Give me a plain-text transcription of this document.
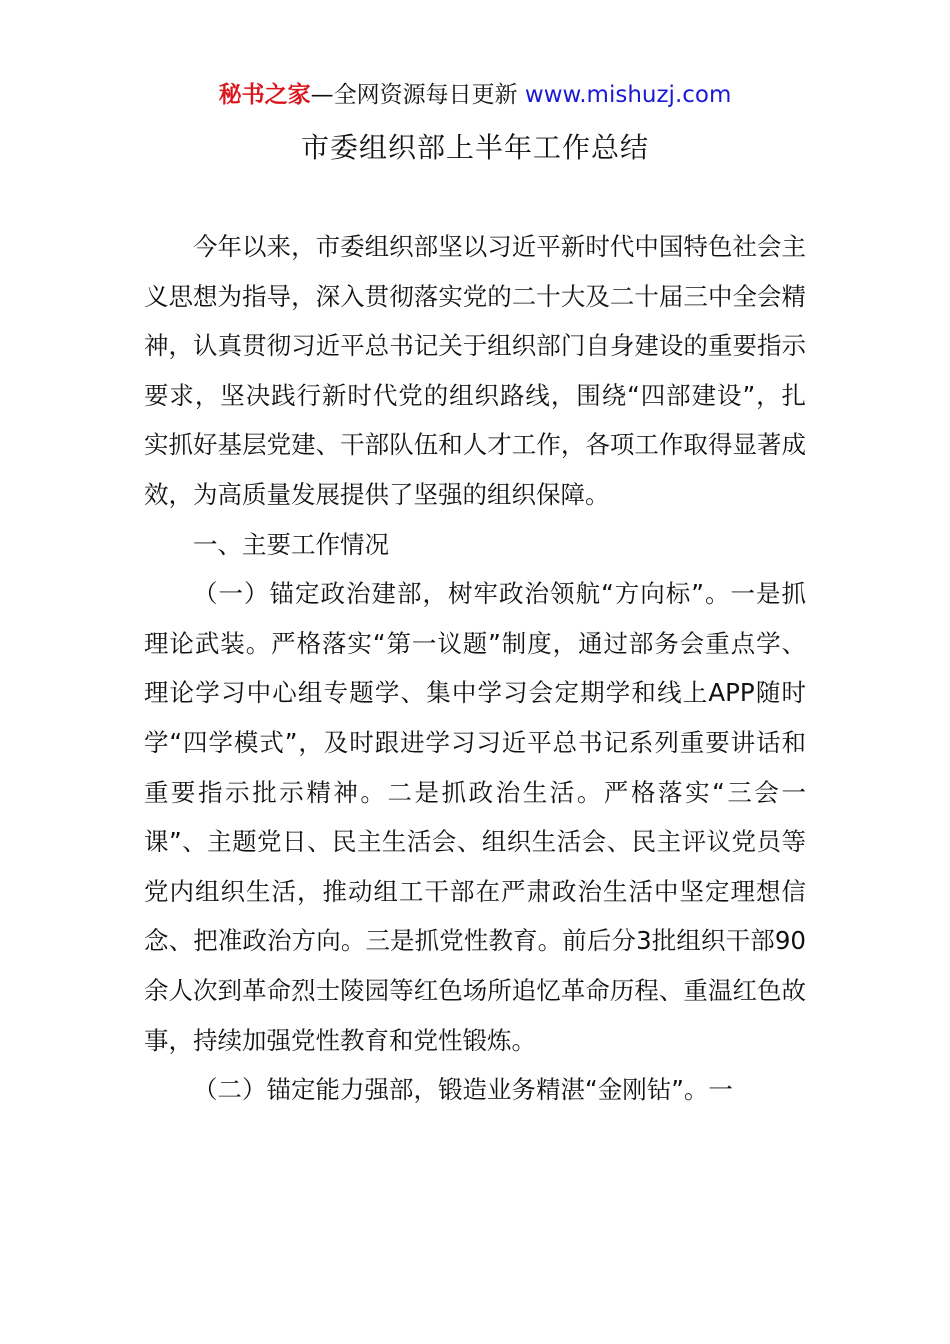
秘书之家—全网资源每日更新 www.mishuzj.com
市委组织部上半年工作总结

今年以来，市委组织部坚以习近平新时代中国特色社会主义思想为指导，深入贯彻落实党的二十大及二十届三中全会精神，认真贯彻习近平总书记关于组织部门自身建设的重要指示要求，坚决践行新时代党的组织路线，围绕“四部建设”，扎实抓好基层党建、干部队伍和人才工作，各项工作取得显著成效，为高质量发展提供了坚强的组织保障。

一、主要工作情况

（一）锚定政治建部，树牢政治领航“方向标”。一是抓理论武装。严格落实“第一议题”制度，通过部务会重点学、理论学习中心组专题学、集中学习会定期学和线上APP随时学“四学模式”，及时跟进学习习近平总书记系列重要讲话和重要指示批示精神。二是抓政治生活。严格落实“三会一课”、主题党日、民主生活会、组织生活会、民主评议党员等党内组织生活，推动组工干部在严肃政治生活中坚定理想信念、把准政治方向。三是抓党性教育。前后分3批组织干部90余人次到革命烈士陵园等红色场所追忆革命历程、重温红色故事，持续加强党性教育和党性锻炼。

（二）锚定能力强部，锻造业务精湛“金刚钻”。一
